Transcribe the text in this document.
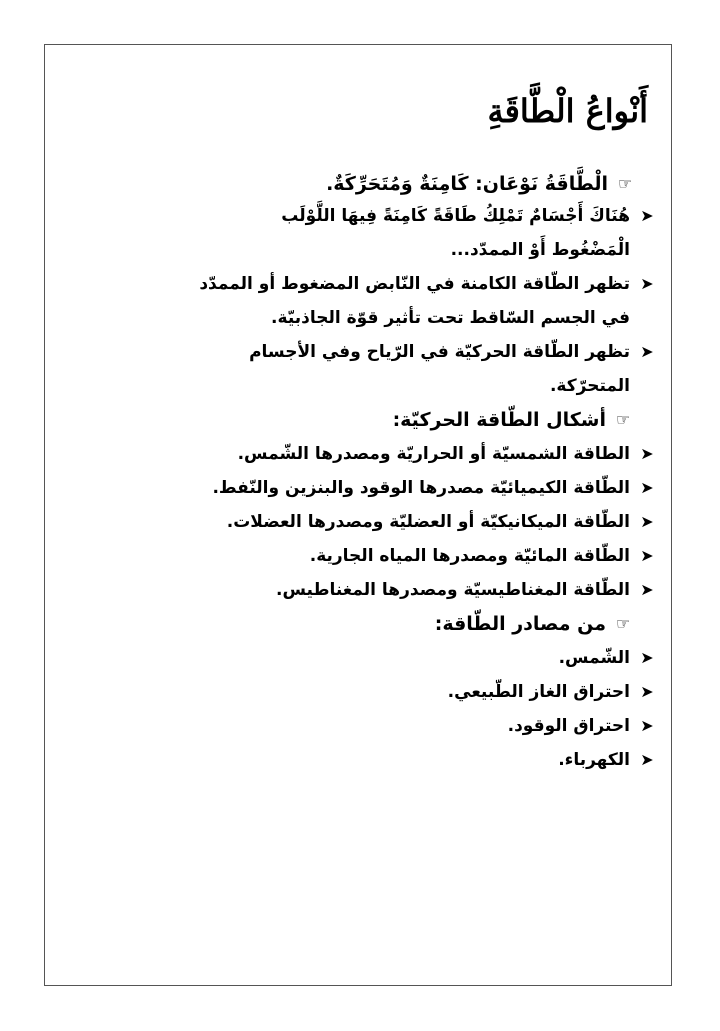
أَنْواعُ الْطَّاقَةِ
☞
الْطَّاقَةُ نَوْعَان: كَامِنَةٌ وَمُتَحَرِّكَةٌ.
➤
هُنَاكَ أَجْسَامٌ تَمْلِكُ طَاقَةً كَامِنَةً فِيهَا اللَّوْلَب
الْمَضْغُوط أَوْ الممدّد...
➤
تظهر الطّاقة الكامنة في النّابض المضغوط أو الممدّد
في الجسم السّاقط تحت تأثير قوّة الجاذبيّة.
➤
تظهر الطّاقة الحركيّة في الرّياح وفي الأجسام
المتحرّكة.
☞
أشكال الطّاقة الحركيّة:
➤
الطاقة الشمسيّة أو الحراريّة ومصدرها الشّمس.
➤
الطّاقة الكيميائيّة مصدرها الوقود والبنزين والنّفط.
➤
الطّاقة الميكانيكيّة أو العضليّة ومصدرها العضلات.
➤
الطّاقة المائيّة ومصدرها المياه الجارية.
➤
الطّاقة المغناطيسيّة ومصدرها المغناطيس.
☞
من مصادر الطّاقة:
➤
الشّمس.
➤
احتراق الغاز الطّبيعي.
➤
احتراق الوقود.
➤
الكهرباء.
